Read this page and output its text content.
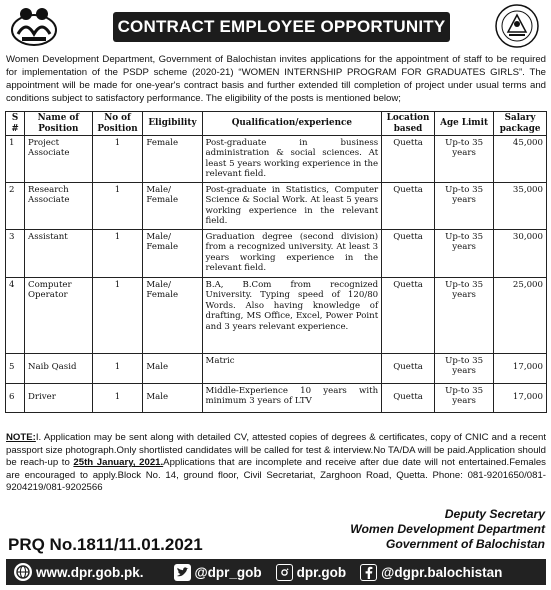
CONTRACT EMPLOYEE OPPORTUNITY

Women Development Department, Government of Balochistan invites applications for the appointment of staff to be required for implementation of the PSDP scheme (2020-21) “WOMEN INTERNSHIP PROGRAM FOR GRADUATES GIRLS”. The appointment will be made for one-year's contract basis and further extended till completion of project under usual terms and conditions subject to satisfactory performance. The eligibility of the posts is mentioned below;

S #	Name of Position	No of Position	Eligibility	Qualification/experience	Location based	Age Limit	Salary package
1	Project Associate	1	Female	Post-graduate in business administration & social sciences. At least 5 years working experience in the relevant field.	Quetta	Up-to 35 years	45,000
2	Research Associate	1	Male/ Female	Post-graduate in Statistics, Computer Science & Social Work. At least 5 years working experience in the relevant field.	Quetta	Up-to 35 years	35,000
3	Assistant	1	Male/ Female	Graduation degree (second division) from a recognized university. At least 3 years working experience in the relevant field.	Quetta	Up-to 35 years	30,000
4	Computer Operator	1	Male/ Female	B.A, B.Com from recognized University. Typing speed of 120/80 Words. Also having knowledge of drafting, MS Office, Excel, Power Point and 3 years relevant experience.	Quetta	Up-to 35 years	25,000
5	Naib Qasid	1	Male	Matric	Quetta	Up-to 35 years	17,000
6	Driver	1	Male	Middle-Experience 10 years with minimum 3 years of LTV	Quetta	Up-to 35 years	17,000

NOTE:I. Application may be sent along with detailed CV, attested copies of degrees & certificates, copy of CNIC and a recent passport size photograph.Only shortlisted candidates will be called for test & interview.No TA/DA will be paid.Application should be reach-up to 25th January, 2021.Applications that are incomplete and receive after due date will not entertained.Females are encouraged to apply.Block No. 14, ground floor, Civil Secretariat, Zarghoon Road, Quetta. Phone: 081-9201650/081-9204219/081-9202566

Deputy Secretary
Women Development Department
Government of Balochistan
PRQ No.1811/11.01.2021
www.dpr.gob.pk.	@dpr_gob	dpr.gob	@dgpr.balochistan
